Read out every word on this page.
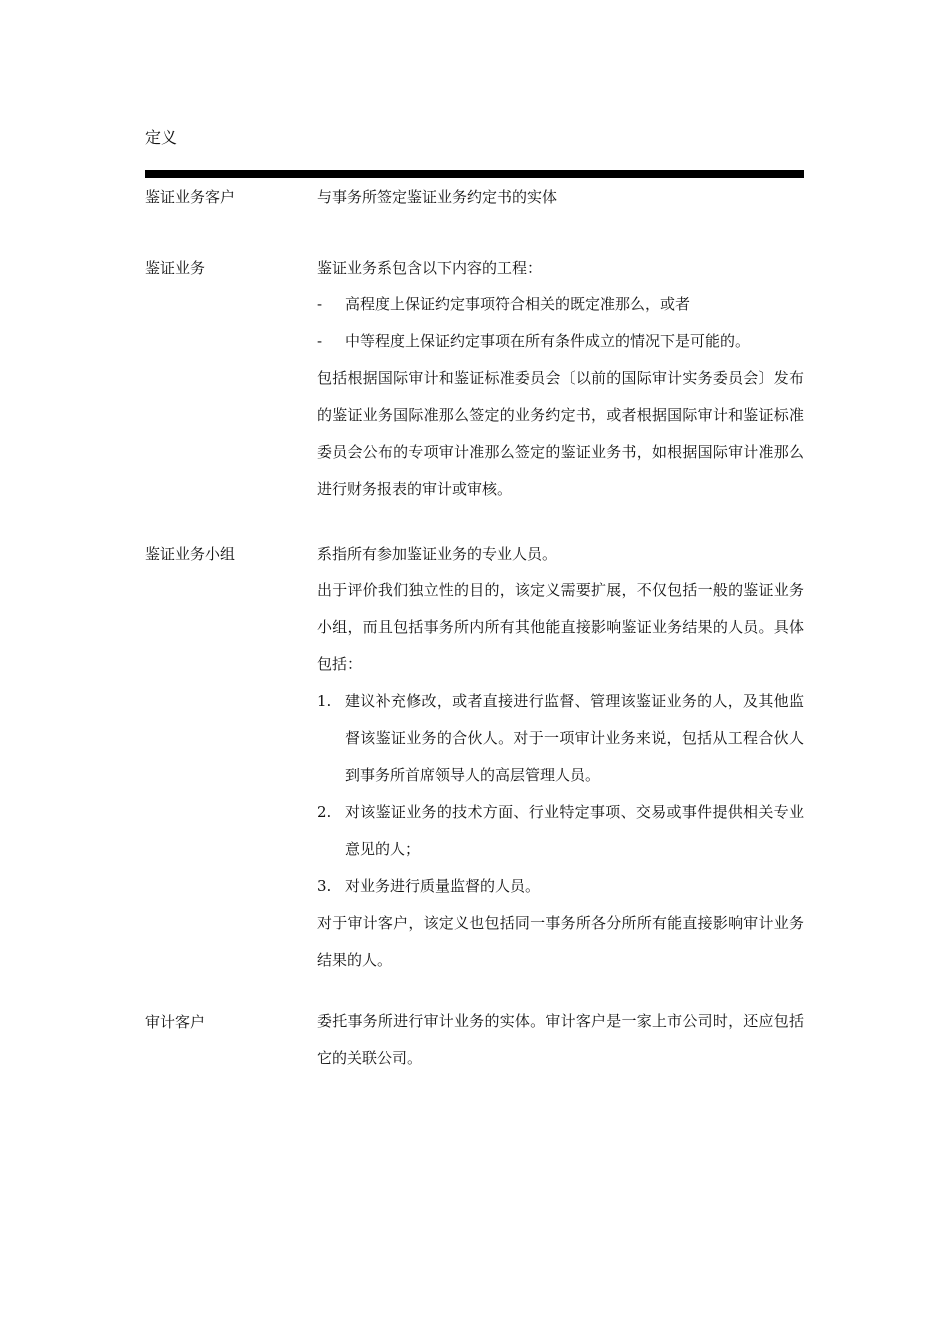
定义
鉴证业务客户	与事务所签定鉴证业务约定书的实体

鉴证业务	鉴证业务系包含以下内容的工程：

-	高程度上保证约定事项符合相关的既定准那么，或者
-	中等程度上保证约定事项在所有条件成立的情况下是可能的。

包括根据国际审计和鉴证标准委员会〔以前的国际审计实务委员会〕发布的鉴证业务国际准那么签定的业务约定书，或者根据国际审计和鉴证标准委员会公布的专项审计准那么签定的鉴证业务书，如根据国际审计准那么进行财务报表的审计或审核。

鉴证业务小组	系指所有参加鉴证业务的专业人员。

出于评价我们独立性的目的，该定义需要扩展，不仅包括一般的鉴证业务小组，而且包括事务所内所有其他能直接影响鉴证业务结果的人员。具体包括：

1. 建议补充修改，或者直接进行监督、管理该鉴证业务的人，及其他监督该鉴证业务的合伙人。对于一项审计业务来说，包括从工程合伙人到事务所首席领导人的高层管理人员。
2. 对该鉴证业务的技术方面、行业特定事项、交易或事件提供相关专业意见的人；
3. 对业务进行质量监督的人员。

对于审计客户，该定义也包括同一事务所各分所所有能直接影响审计业务结果的人。

审计客户	委托事务所进行审计业务的实体。审计客户是一家上市公司时，还应包括它的关联公司。
